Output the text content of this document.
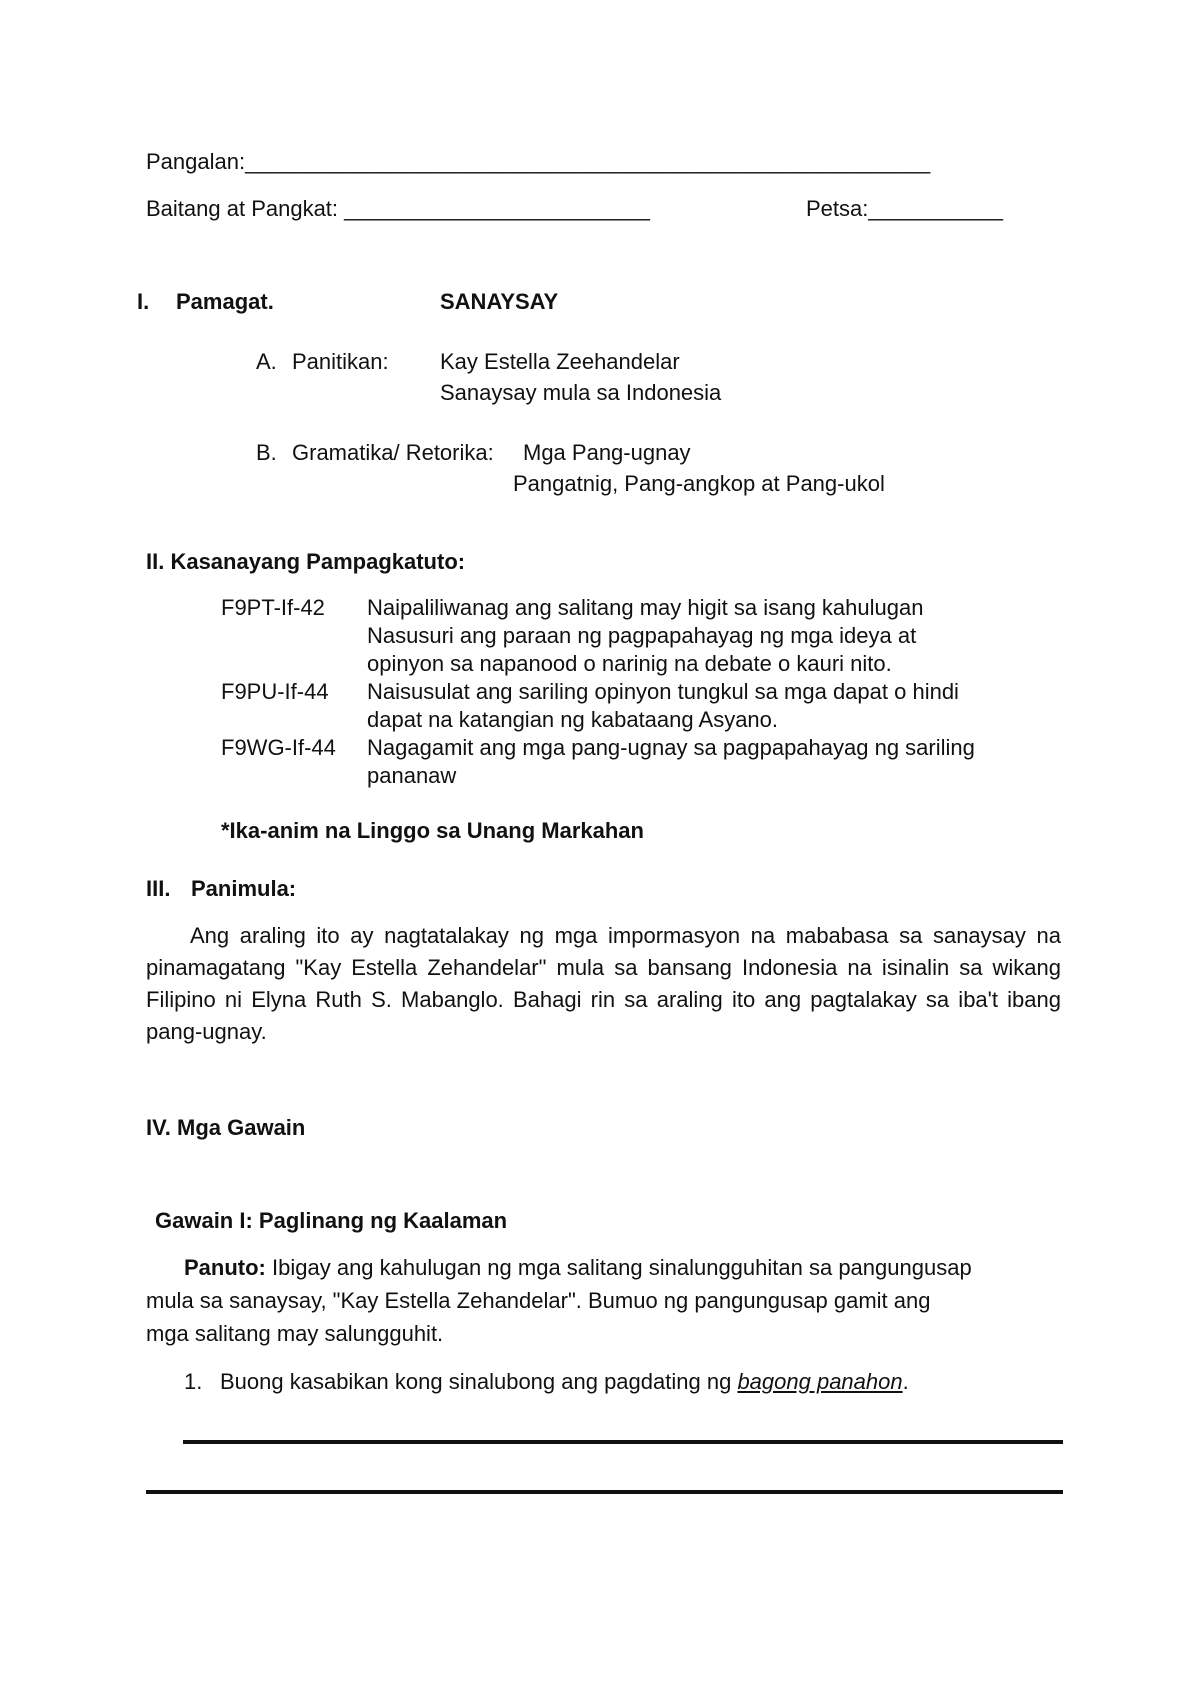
Pangalan:________________________________________________________
Baitang at Pangkat: _________________________	Petsa:___________
I. Pamagat.	SANAYSAY
A. Panitikan: Kay Estella Zeehandelar
Sanaysay mula sa Indonesia
B. Gramatika/ Retorika: Mga Pang-ugnay
Pangatnig, Pang-angkop at Pang-ukol
II. Kasanayang Pampagkatuto:
F9PT-If-42 Naipaliliwanag ang salitang may higit sa isang kahulugan
Nasusuri ang paraan ng pagpapahayag ng mga ideya at
opinyon sa napanood o narinig na debate o kauri nito.
F9PU-If-44 Naisusulat ang sariling opinyon tungkul sa mga dapat o hindi
dapat na katangian ng kabataang Asyano.
F9WG-If-44 Nagagamit ang mga pang-ugnay sa pagpapahayag ng sariling
pananaw
*Ika-anim na Linggo sa Unang Markahan
III. Panimula:
Ang araling ito ay nagtatalakay ng mga impormasyon na mababasa sa sanaysay na pinamagatang "Kay Estella Zehandelar" mula sa bansang Indonesia na isinalin sa wikang Filipino ni Elyna Ruth S. Mabanglo. Bahagi rin sa araling ito ang pagtalakay sa iba't ibang pang-ugnay.
IV. Mga Gawain
Gawain I: Paglinang ng Kaalaman
Panuto: Ibigay ang kahulugan ng mga salitang sinalungguhitan sa pangungusap
mula sa sanaysay, "Kay Estella Zehandelar". Bumuo ng pangungusap gamit ang
mga salitang may salungguhit.
1. Buong kasabikan kong sinalubong ang pagdating ng bagong panahon.
